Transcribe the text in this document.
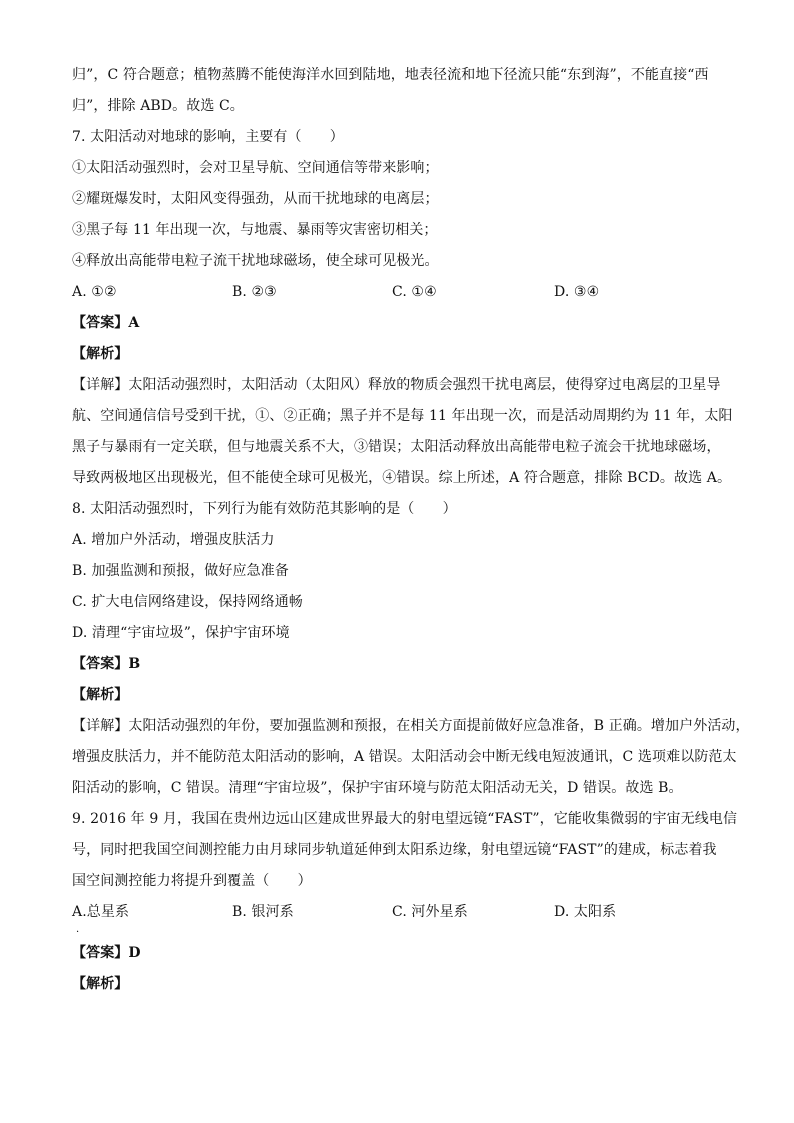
归”，C 符合题意；植物蒸腾不能使海洋水回到陆地，地表径流和地下径流只能“东到海”，不能直接“西
归”，排除 ABD。故选 C。
7. 太阳活动对地球的影响，主要有（　　）
①太阳活动强烈时，会对卫星导航、空间通信等带来影响；
②耀斑爆发时，太阳风变得强劲，从而干扰地球的电离层；
③黑子每 11 年出现一次，与地震、暴雨等灾害密切相关；
④释放出高能带电粒子流干扰地球磁场，使全球可见极光。
A. ①②	B. ②③	C. ①④	D. ③④
【答案】A
【解析】
【详解】太阳活动强烈时，太阳活动（太阳风）释放的物质会强烈干扰电离层，使得穿过电离层的卫星导
航、空间通信信号受到干扰，①、②正确；黑子并不是每 11 年出现一次，而是活动周期约为 11 年，太阳
黑子与暴雨有一定关联，但与地震关系不大，③错误；太阳活动释放出高能带电粒子流会干扰地球磁场，
导致两极地区出现极光，但不能使全球可见极光，④错误。综上所述，A 符合题意，排除 BCD。故选 A。
8. 太阳活动强烈时，下列行为能有效防范其影响的是（　　）
A. 增加户外活动，增强皮肤活力
B. 加强监测和预报，做好应急准备
C. 扩大电信网络建设，保持网络通畅
D. 清理“宇宙垃圾”，保护宇宙环境
【答案】B
【解析】
【详解】太阳活动强烈的年份，要加强监测和预报，在相关方面提前做好应急准备，B 正确。增加户外活动，
增强皮肤活力，并不能防范太阳活动的影响，A 错误。太阳活动会中断无线电短波通讯，C 选项难以防范太
阳活动的影响，C 错误。清理“宇宙垃圾”，保护宇宙环境与防范太阳活动无关，D 错误。故选 B。
9. 2016 年 9 月，我国在贵州边远山区建成世界最大的射电望远镜“FAST”，它能收集微弱的宇宙无线电信
号，同时把我国空间测控能力由月球同步轨道延伸到太阳系边缘，射电望远镜“FAST”的建成，标志着我
国空间测控能力将提升到覆盖（　　）
A.总星系	B. 银河系	C. 河外星系	D. 太阳系
·
【答案】D
【解析】
